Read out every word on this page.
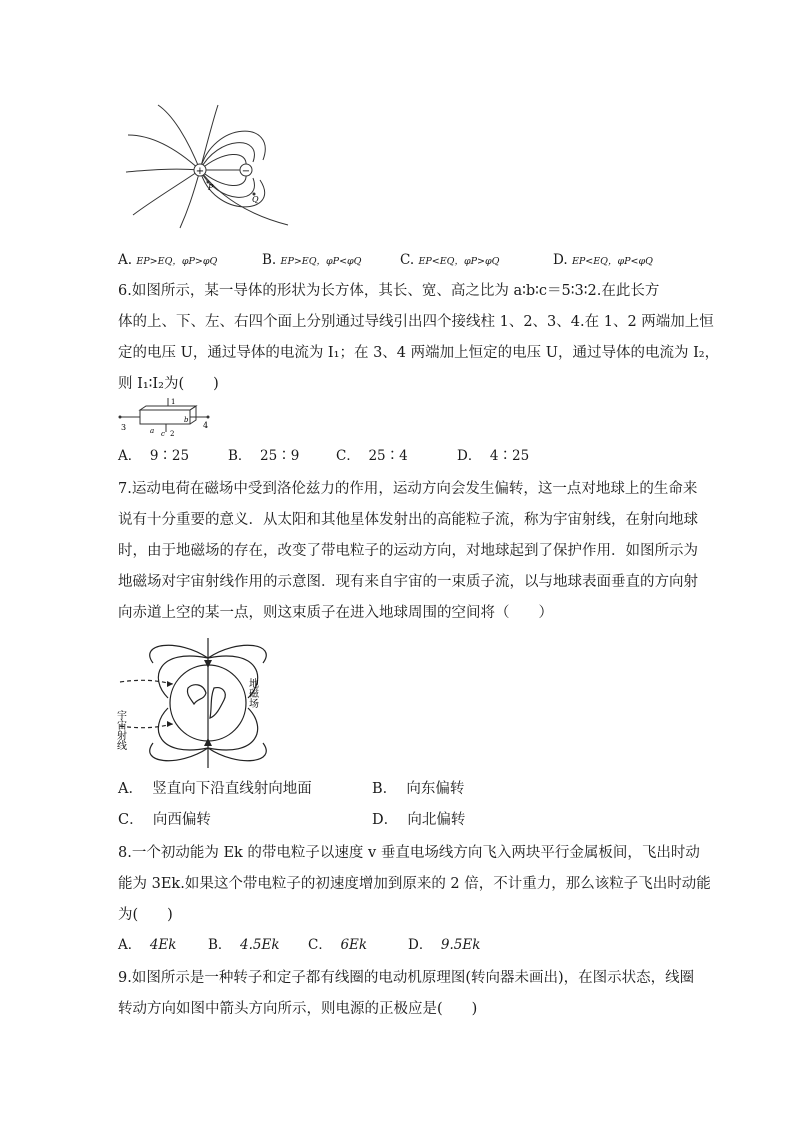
+	−
P
Q
A. EP>EQ，φP>φQ	B. EP>EQ，φP<φQ	C. EP<EQ，φP>φQ	D. EP<EQ，φP<φQ
6.如图所示，某一导体的形状为长方体，其长、宽、高之比为 a∶b∶c＝5∶3∶2.在此长方
体的上、下、左、右四个面上分别通过导线引出四个接线柱 1、2、3、4.在 1、2 两端加上恒
定的电压 U，通过导体的电流为 I₁；在 3、4 两端加上恒定的电压 U，通过导体的电流为 I₂，
则 I₁∶I₂为(　　)
1
2
3	4
a
b
c
A． 9∶25	B． 25∶9	C． 25∶4	D． 4∶25
7.运动电荷在磁场中受到洛伦兹力的作用，运动方向会发生偏转，这一点对地球上的生命来
说有十分重要的意义．从太阳和其他星体发射出的高能粒子流，称为宇宙射线，在射向地球
时，由于地磁场的存在，改变了带电粒子的运动方向，对地球起到了保护作用．如图所示为
地磁场对宇宙射线作用的示意图．现有来自宇宙的一束质子流，以与地球表面垂直的方向射
向赤道上空的某一点，则这束质子在进入地球周围的空间将（　　）
宇宙射线
地磁场
A． 竖直向下沿直线射向地面	B． 向东偏转
C． 向西偏转	D． 向北偏转
8.一个初动能为 Ek 的带电粒子以速度 v 垂直电场线方向飞入两块平行金属板间，飞出时动
能为 3Ek.如果这个带电粒子的初速度增加到原来的 2 倍，不计重力，那么该粒子飞出时动能
为(　　)
A． 4Ek B． 4.5Ek C． 6Ek	D． 9.5Ek
9.如图所示是一种转子和定子都有线圈的电动机原理图(转向器未画出)，在图示状态，线圈
转动方向如图中箭头方向所示，则电源的正极应是(　　)
